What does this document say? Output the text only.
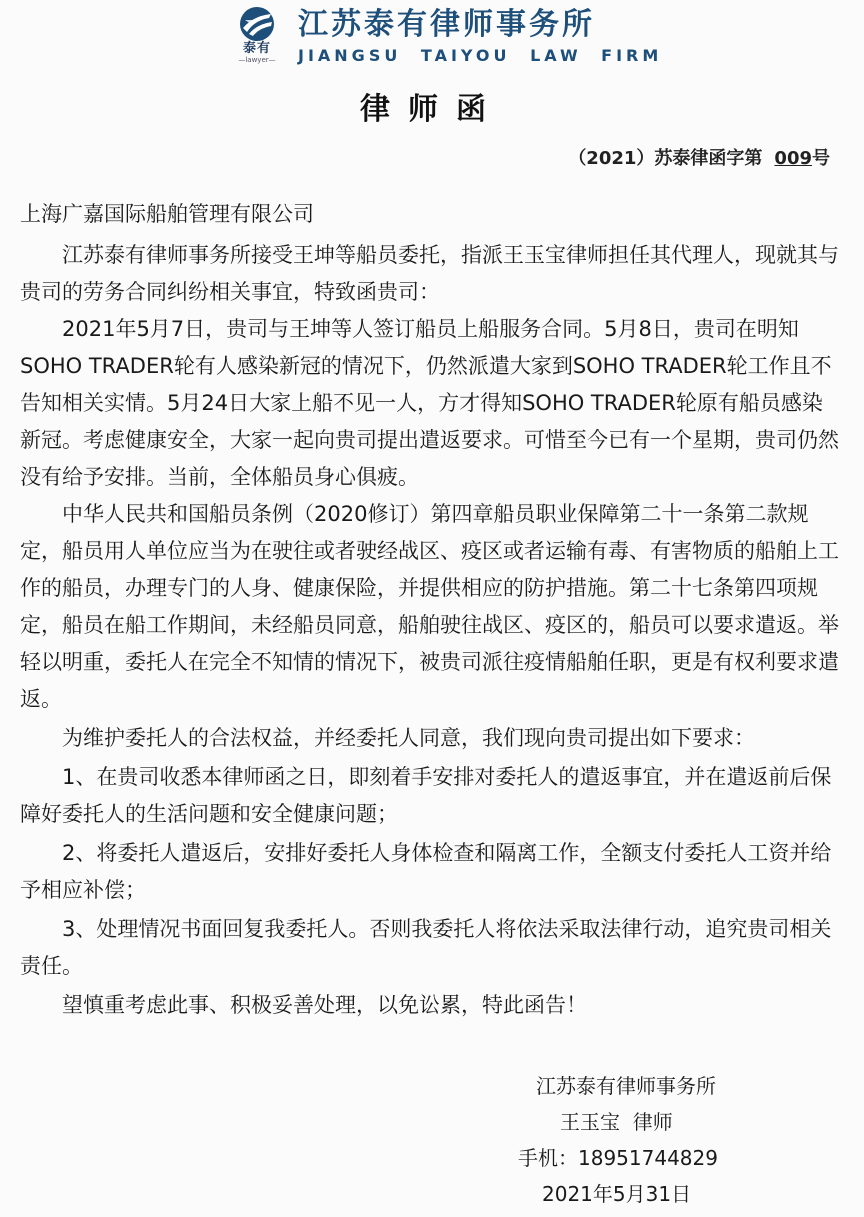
泰有
—lawyer—
江苏泰有律师事务所
JIANGSU TAIYOU LAW FIRM
律师函
（2021）苏泰律函字第 009号

上海广嘉国际船舶管理有限公司

江苏泰有律师事务所接受王坤等船员委托，指派王玉宝律师担任其代理人，现就其与贵司的劳务合同纠纷相关事宜，特致函贵司：

2021年5月7日，贵司与王坤等人签订船员上船服务合同。5月8日，贵司在明知SOHO TRADER轮有人感染新冠的情况下，仍然派遣大家到SOHO TRADER轮工作且不告知相关实情。5月24日大家上船不见一人，方才得知SOHO TRADER轮原有船员感染新冠。考虑健康安全，大家一起向贵司提出遣返要求。可惜至今已有一个星期，贵司仍然没有给予安排。当前，全体船员身心俱疲。

中华人民共和国船员条例（2020修订）第四章船员职业保障第二十一条第二款规定，船员用人单位应当为在驶往或者驶经战区、疫区或者运输有毒、有害物质的船舶上工作的船员，办理专门的人身、健康保险，并提供相应的防护措施。第二十七条第四项规定，船员在船工作期间，未经船员同意，船舶驶往战区、疫区的，船员可以要求遣返。举轻以明重，委托人在完全不知情的情况下，被贵司派往疫情船舶任职，更是有权利要求遣返。

为维护委托人的合法权益，并经委托人同意，我们现向贵司提出如下要求：

1、在贵司收悉本律师函之日，即刻着手安排对委托人的遣返事宜，并在遣返前后保障好委托人的生活问题和安全健康问题；

2、将委托人遣返后，安排好委托人身体检查和隔离工作，全额支付委托人工资并给予相应补偿；

3、处理情况书面回复我委托人。否则我委托人将依法采取法律行动，追究贵司相关责任。

望慎重考虑此事、积极妥善处理，以免讼累，特此函告！

江苏泰有律师事务所
王玉宝  律师
手机：18951744829
2021年5月31日
